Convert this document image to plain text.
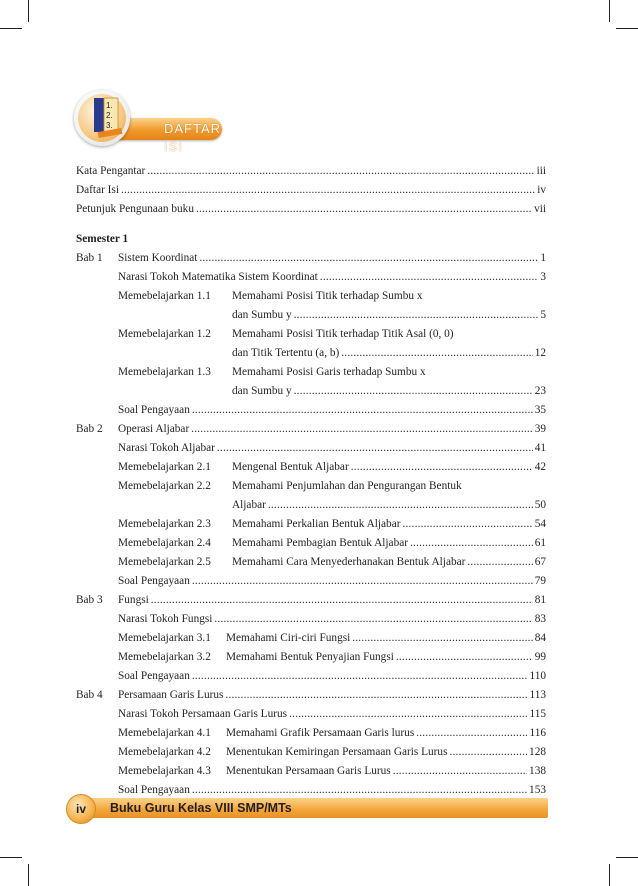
1.
2.
3.	DAFTAR ISI
Kata Pengantar .....	iii
Daftar Isi .....	iv
Petunjuk Pengunaan buku .....	vii
Semester 1
Bab 1 Sistem Koordinat .....	1
Narasi Tokoh Matematika Sistem Koordinat .....	3
Memebelajarkan 1.1 Memahami Posisi Titik terhadap Sumbu x
dan Sumbu y .....	5
Memebelajarkan 1.2 Memahami Posisi Titik terhadap Titik Asal (0, 0)
dan Titik Tertentu (a, b) .....	12
Memebelajarkan 1.3 Memahami Posisi Garis terhadap Sumbu x
dan Sumbu y .....	23
Soal Pengayaan .....	35
Bab 2 Operasi Aljabar .....	39
Narasi Tokoh Aljabar .....	41
Memebelajarkan 2.1 Mengenal Bentuk Aljabar .....	42
Memebelajarkan 2.2 Memahami Penjumlahan dan Pengurangan Bentuk
Aljabar .....	50
Memebelajarkan 2.3 Memahami Perkalian Bentuk Aljabar .....	54
Memebelajarkan 2.4 Memahami Pembagian Bentuk Aljabar .....	61
Memebelajarkan 2.5 Memahami Cara Menyederhanakan Bentuk Aljabar .....	67
Soal Pengayaan .....	79
Bab 3 Fungsi .....	81
Narasi Tokoh Fungsi .....	83
Memebelajarkan 3.1 Memahami Ciri-ciri Fungsi .....	84
Memebelajarkan 3.2 Memahami Bentuk Penyajian Fungsi .....	99
Soal Pengayaan .....	110
Bab 4 Persamaan Garis Lurus .....	113
Narasi Tokoh Persamaan Garis Lurus .....	115
Memebelajarkan 4.1 Memahami Grafik Persamaan Garis lurus .....	116
Memebelajarkan 4.2 Menentukan Kemiringan Persamaan Garis Lurus .....	128
Memebelajarkan 4.3 Menentukan Persamaan Garis Lurus .....	138
Soal Pengayaan .....	153
iv	Buku Guru Kelas VIII SMP/MTs
